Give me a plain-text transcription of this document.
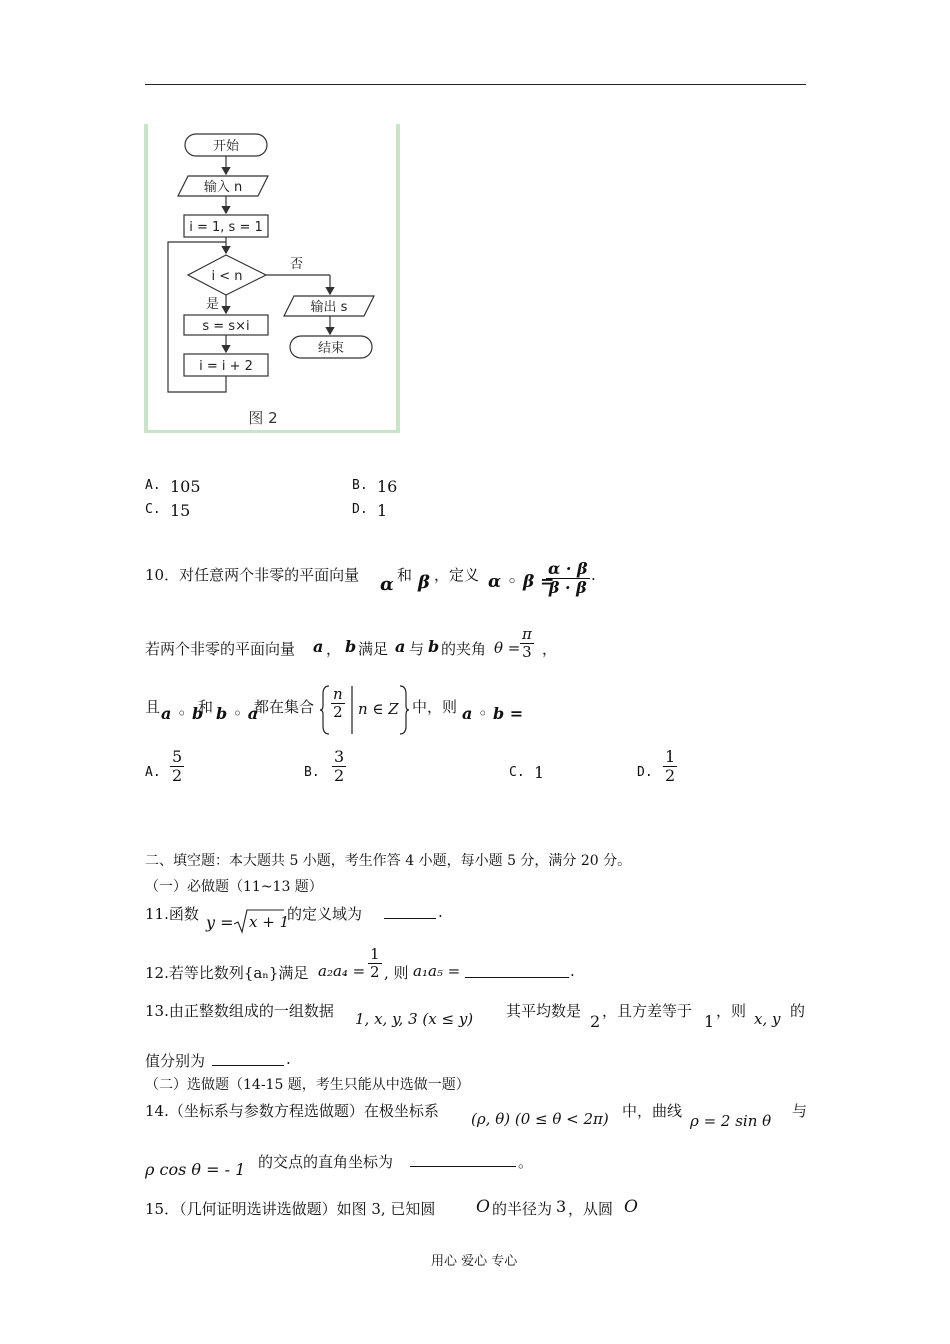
开始
输入 n
i = 1, s = 1
i < n
否
输出 s
结束
是
s = s×i
i = i + 2
图 2
A. 105	B. 16
C. 15	D. 1
10．对任意两个非零的平面向量 α 和 β ，定义 α ◦ β =
$\frac{\alpha \cdot \beta}{\beta \cdot \beta}$ .
若两个非零的平面向量 a ， b 满足 a 与 b 的夹角 $\theta = \frac{\pi}{3}$ ，
且 a ◦ b
和 b ◦ a
都在集合 $\frac{n}{2}$ n ∈ Z 中，则 a ◦ b =
A. $\frac{5}{2}$	B. $\frac{3}{2}$	C. 1	D. $\frac{1}{2}$
二、填空题：本大题共 5 小题，考生作答 4 小题，每小题 5 分，满分 20 分。
（一）必做题（11~13 题）
11.函数 y = x + 1
的定义域为	.
12.若等比数列{aₙ}满足 $a_2a_4 = \frac{1}{2}$ , 则 a₁a₅ =	.
13.由正整数组成的一组数据 1, x, y, 3 (x ≤ y) 其平均数是
2
，且方差等于
1
，则 x, y 的
值分别为	.
（二）选做题（14-15 题，考生只能从中选做一题）
14.（坐标系与参数方程选做题）在极坐标系 (ρ, θ) (0 ≤ θ < 2π) 中，曲线
ρ = 2 sin θ
与
ρ cos θ = - 1 的交点的直角坐标为	。
15．（几何证明选讲选做题）如图 3, 已知圆 O 的半径为 3 ，从圆 O
用心 爱心 专心
